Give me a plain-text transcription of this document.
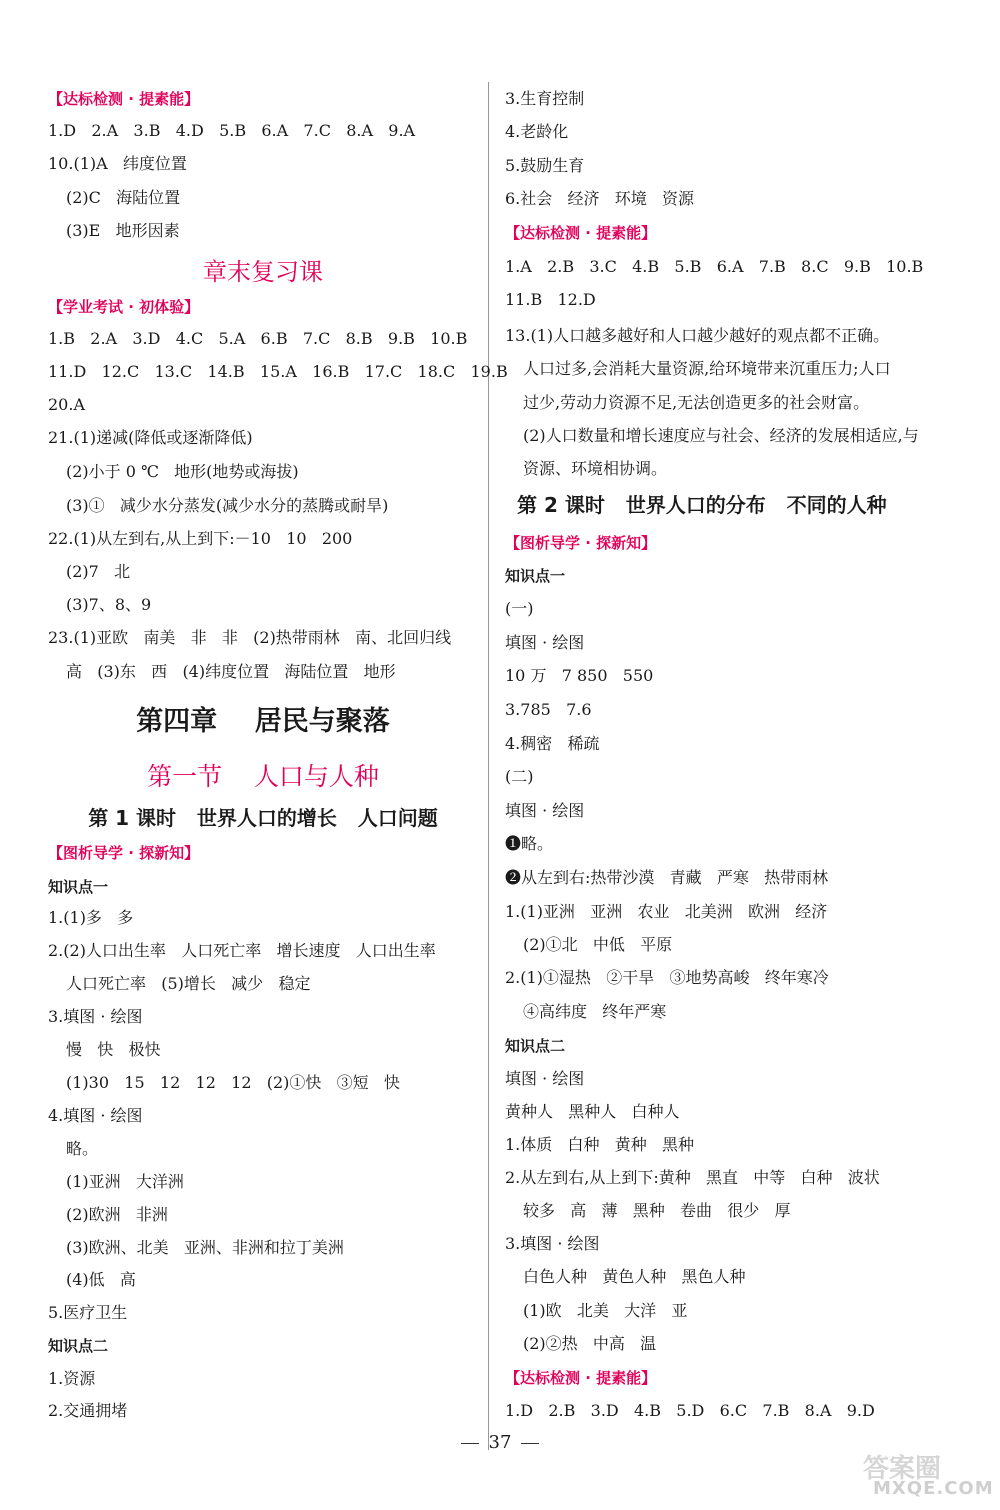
【达标检测 · 提素能】
1.D   2.A   3.B   4.D   5.B   6.A   7.C   8.A   9.A
10.(1)A   纬度位置
(2)C   海陆位置
(3)E   地形因素
章末复习课
【学业考试 · 初体验】
1.B   2.A   3.D   4.C   5.A   6.B   7.C   8.B   9.B   10.B
11.D   12.C   13.C   14.B   15.A   16.B   17.C   18.C   19.B
20.A
21.(1)递减(降低或逐渐降低)
(2)小于 0 ℃   地形(地势或海拔)
(3)①   减少水分蒸发(减少水分的蒸腾或耐旱)
22.(1)从左到右,从上到下:－10   10   200
(2)7   北
(3)7、8、9
23.(1)亚欧   南美   非   非   (2)热带雨林   南、北回归线
高   (3)东   西   (4)纬度位置   海陆位置   地形
第四章    居民与聚落
第一节    人口与人种
第 1 课时   世界人口的增长   人口问题
【图析导学 · 探新知】
知识点一
1.(1)多   多
2.(2)人口出生率   人口死亡率   增长速度   人口出生率
人口死亡率   (5)增长   减少   稳定
3.填图 · 绘图
慢   快   极快
(1)30   15   12   12   12   (2)①快   ③短   快
4.填图 · 绘图
略。
(1)亚洲   大洋洲
(2)欧洲   非洲
(3)欧洲、北美   亚洲、非洲和拉丁美洲
(4)低   高
5.医疗卫生
知识点二
1.资源
2.交通拥堵
3.生育控制
4.老龄化
5.鼓励生育
6.社会   经济   环境   资源
【达标检测 · 提素能】
1.A   2.B   3.C   4.B   5.B   6.A   7.B   8.C   9.B   10.B
11.B   12.D
13.(1)人口越多越好和人口越少越好的观点都不正确。
人口过多,会消耗大量资源,给环境带来沉重压力;人口
过少,劳动力资源不足,无法创造更多的社会财富。
(2)人口数量和增长速度应与社会、经济的发展相适应,与
资源、环境相协调。
第 2 课时   世界人口的分布   不同的人种
【图析导学 · 探新知】
知识点一
(一)
填图 · 绘图
10 万   7 850   550
3.785   7.6
4.稠密   稀疏
(二)
填图 · 绘图
❶略。
❷从左到右:热带沙漠   青藏   严寒   热带雨林
1.(1)亚洲   亚洲   农业   北美洲   欧洲   经济
(2)①北   中低   平原
2.(1)①湿热   ②干旱   ③地势高峻   终年寒冷
④高纬度   终年严寒
知识点二
填图 · 绘图
黄种人   黑种人   白种人
1.体质   白种   黄种   黑种
2.从左到右,从上到下:黄种   黑直   中等   白种   波状
较多   高   薄   黑种   卷曲   很少   厚
3.填图 · 绘图
白色人种   黄色人种   黑色人种
(1)欧   北美   大洋   亚
(2)②热   中高   温
【达标检测 · 提素能】
1.D   2.B   3.D   4.B   5.D   6.C   7.B   8.A   9.D
37
答案圈
MXQE.COM
